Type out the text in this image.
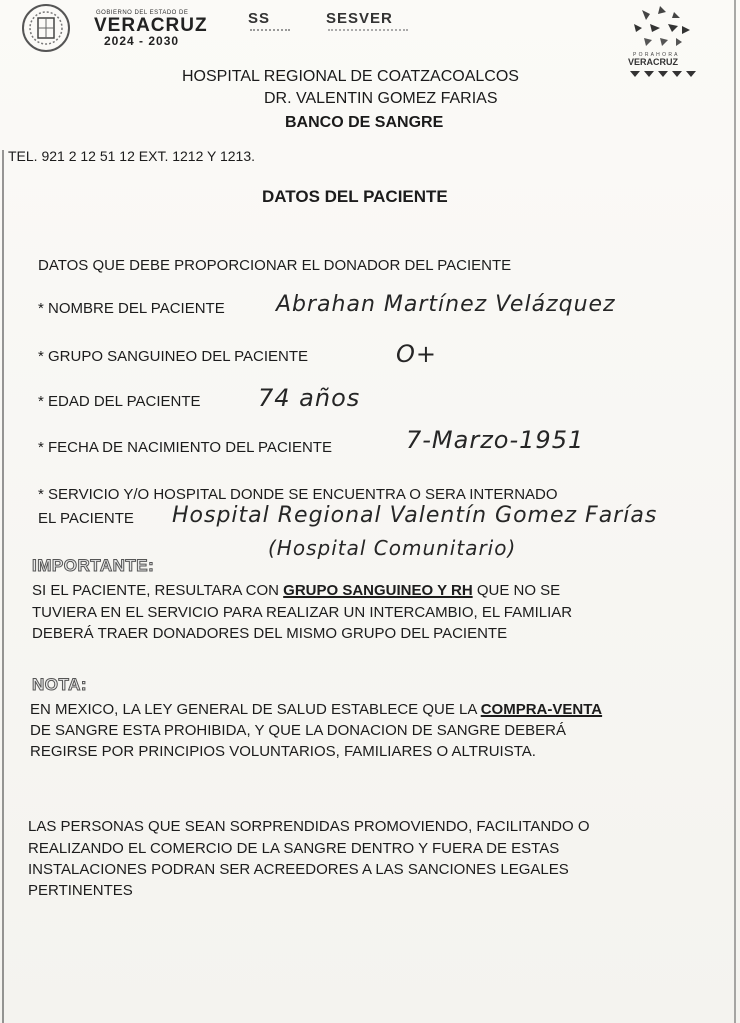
GOBIERNO DEL ESTADO DE
VERACRUZ
2024 - 2030
SS	SESVER
P O R A H O R A
VERACRUZ
HOSPITAL REGIONAL DE COATZACOALCOS
DR. VALENTIN GOMEZ FARIAS
BANCO DE SANGRE
TEL. 921 2 12 51 12 EXT. 1212 Y 1213.
DATOS DEL PACIENTE
DATOS QUE DEBE PROPORCIONAR EL DONADOR DEL PACIENTE
* NOMBRE DEL PACIENTE Abrahan Martínez Velázquez
* GRUPO SANGUINEO DEL PACIENTE	O+
* EDAD DEL PACIENTE 74 años
* FECHA DE NACIMIENTO DEL PACIENTE	7-Marzo-1951
* SERVICIO Y/O HOSPITAL DONDE SE ENCUENTRA O SERA INTERNADO
EL PACIENTE Hospital Regional Valentín Gomez Farías
(Hospital Comunitario)
IMPORTANTE:
SI EL PACIENTE, RESULTARA CON GRUPO SANGUINEO Y RH QUE NO SE
TUVIERA EN EL SERVICIO PARA REALIZAR UN INTERCAMBIO, EL FAMILIAR
DEBERÁ TRAER DONADORES DEL MISMO GRUPO DEL PACIENTE
NOTA:
EN MEXICO, LA LEY GENERAL DE SALUD ESTABLECE QUE LA COMPRA-VENTA
DE SANGRE ESTA PROHIBIDA, Y QUE LA DONACION DE SANGRE DEBERÁ
REGIRSE POR PRINCIPIOS VOLUNTARIOS, FAMILIARES O ALTRUISTA.
LAS PERSONAS QUE SEAN SORPRENDIDAS PROMOVIENDO, FACILITANDO O
REALIZANDO EL COMERCIO DE LA SANGRE DENTRO Y FUERA DE ESTAS
INSTALACIONES PODRAN SER ACREEDORES A LAS SANCIONES LEGALES
PERTINENTES
